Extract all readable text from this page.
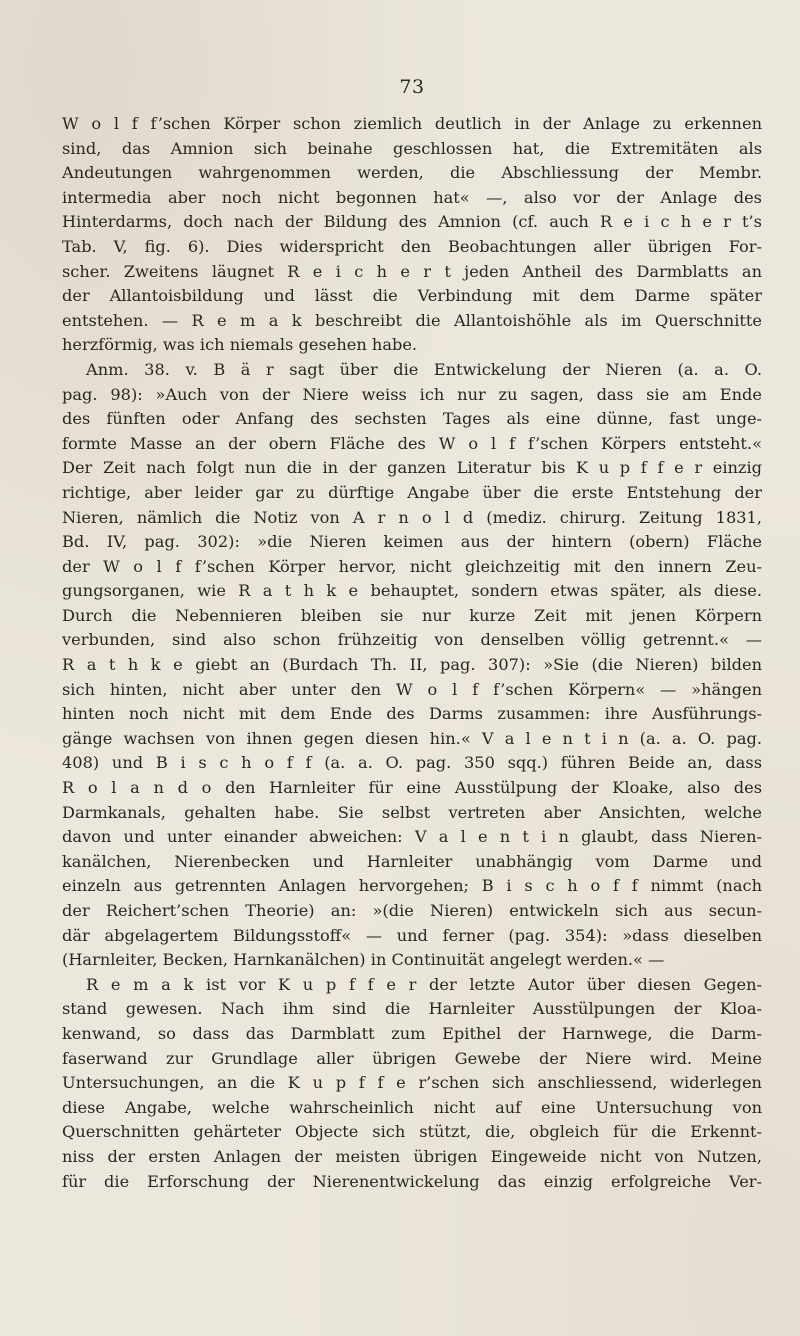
73

W o l f f’schen Körper schon ziemlich deutlich in der Anlage zu erkennen
sind, das Amnion sich beinahe geschlossen hat, die Extremitäten als
Andeutungen wahrgenommen werden, die Abschliessung der Membr.
intermedia aber noch nicht begonnen hat« —, also vor der Anlage des
Hinterdarms, doch nach der Bildung des Amnion (cf. auch R e i c h e r t’s
Tab. V, fig. 6). Dies widerspricht den Beobachtungen aller übrigen For-
scher. Zweitens läugnet R e i c h e r t jeden Antheil des Darmblatts an
der Allantoisbildung und lässt die Verbindung mit dem Darme später
entstehen. — R e m a k beschreibt die Allantoishöhle als im Querschnitte
herzförmig, was ich niemals gesehen habe.
Anm. 38. v. B ä r sagt über die Entwickelung der Nieren (a. a. O.
pag. 98): »Auch von der Niere weiss ich nur zu sagen, dass sie am Ende
des fünften oder Anfang des sechsten Tages als eine dünne, fast unge-
formte Masse an der obern Fläche des W o l f f’schen Körpers entsteht.«
Der Zeit nach folgt nun die in der ganzen Literatur bis K u p f f e r einzig
richtige, aber leider gar zu dürftige Angabe über die erste Entstehung der
Nieren, nämlich die Notiz von A r n o l d (mediz. chirurg. Zeitung 1831,
Bd. IV, pag. 302): »die Nieren keimen aus der hintern (obern) Fläche
der W o l f f’schen Körper hervor, nicht gleichzeitig mit den innern Zeu-
gungsorganen, wie R a t h k e behauptet, sondern etwas später, als diese.
Durch die Nebennieren bleiben sie nur kurze Zeit mit jenen Körpern
verbunden, sind also schon frühzeitig von denselben völlig getrennt.« —
R a t h k e giebt an (Burdach Th. II, pag. 307): »Sie (die Nieren) bilden
sich hinten, nicht aber unter den W o l f f’schen Körpern« — »hängen
hinten noch nicht mit dem Ende des Darms zusammen: ihre Ausführungs-
gänge wachsen von ihnen gegen diesen hin.« V a l e n t i n (a. a. O. pag.
408) und B i s c h o f f (a. a. O. pag. 350 sqq.) führen Beide an, dass
R o l a n d o den Harnleiter für eine Ausstülpung der Kloake, also des
Darmkanals, gehalten habe. Sie selbst vertreten aber Ansichten, welche
davon und unter einander abweichen: V a l e n t i n glaubt, dass Nieren-
kanälchen, Nierenbecken und Harnleiter unabhängig vom Darme und
einzeln aus getrennten Anlagen hervorgehen; B i s c h o f f nimmt (nach
der Reichert’schen Theorie) an: »(die Nieren) entwickeln sich aus secun-
där abgelagertem Bildungsstoff« — und ferner (pag. 354): »dass dieselben
(Harnleiter, Becken, Harnkanälchen) in Continuität angelegt werden.« —
R e m a k ist vor K u p f f e r der letzte Autor über diesen Gegen-
stand gewesen. Nach ihm sind die Harnleiter Ausstülpungen der Kloa-
kenwand, so dass das Darmblatt zum Epithel der Harnwege, die Darm-
faserwand zur Grundlage aller übrigen Gewebe der Niere wird. Meine
Untersuchungen, an die K u p f f e r’schen sich anschliessend, widerlegen
diese Angabe, welche wahrscheinlich nicht auf eine Untersuchung von
Querschnitten gehärteter Objecte sich stützt, die, obgleich für die Erkennt-
niss der ersten Anlagen der meisten übrigen Eingeweide nicht von Nutzen,
für die Erforschung der Nierenentwickelung das einzig erfolgreiche Ver-
